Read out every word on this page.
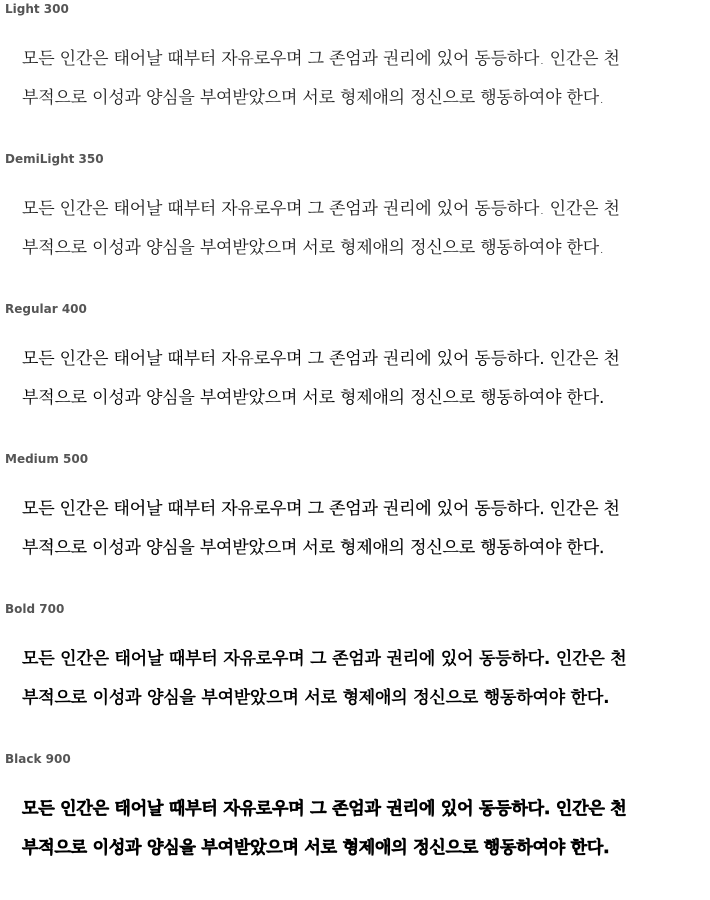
Light 300
모든 인간은 태어날 때부터 자유로우며 그 존엄과 권리에 있어 동등하다. 인간은 천
부적으로 이성과 양심을 부여받았으며 서로 형제애의 정신으로 행동하여야 한다.
DemiLight 350
모든 인간은 태어날 때부터 자유로우며 그 존엄과 권리에 있어 동등하다. 인간은 천
부적으로 이성과 양심을 부여받았으며 서로 형제애의 정신으로 행동하여야 한다.
Regular 400
모든 인간은 태어날 때부터 자유로우며 그 존엄과 권리에 있어 동등하다. 인간은 천
부적으로 이성과 양심을 부여받았으며 서로 형제애의 정신으로 행동하여야 한다.
Medium 500
모든 인간은 태어날 때부터 자유로우며 그 존엄과 권리에 있어 동등하다. 인간은 천
부적으로 이성과 양심을 부여받았으며 서로 형제애의 정신으로 행동하여야 한다.
Bold 700
모든 인간은 태어날 때부터 자유로우며 그 존엄과 권리에 있어 동등하다. 인간은 천
부적으로 이성과 양심을 부여받았으며 서로 형제애의 정신으로 행동하여야 한다.
Black 900
모든 인간은 태어날 때부터 자유로우며 그 존엄과 권리에 있어 동등하다. 인간은 천
부적으로 이성과 양심을 부여받았으며 서로 형제애의 정신으로 행동하여야 한다.
